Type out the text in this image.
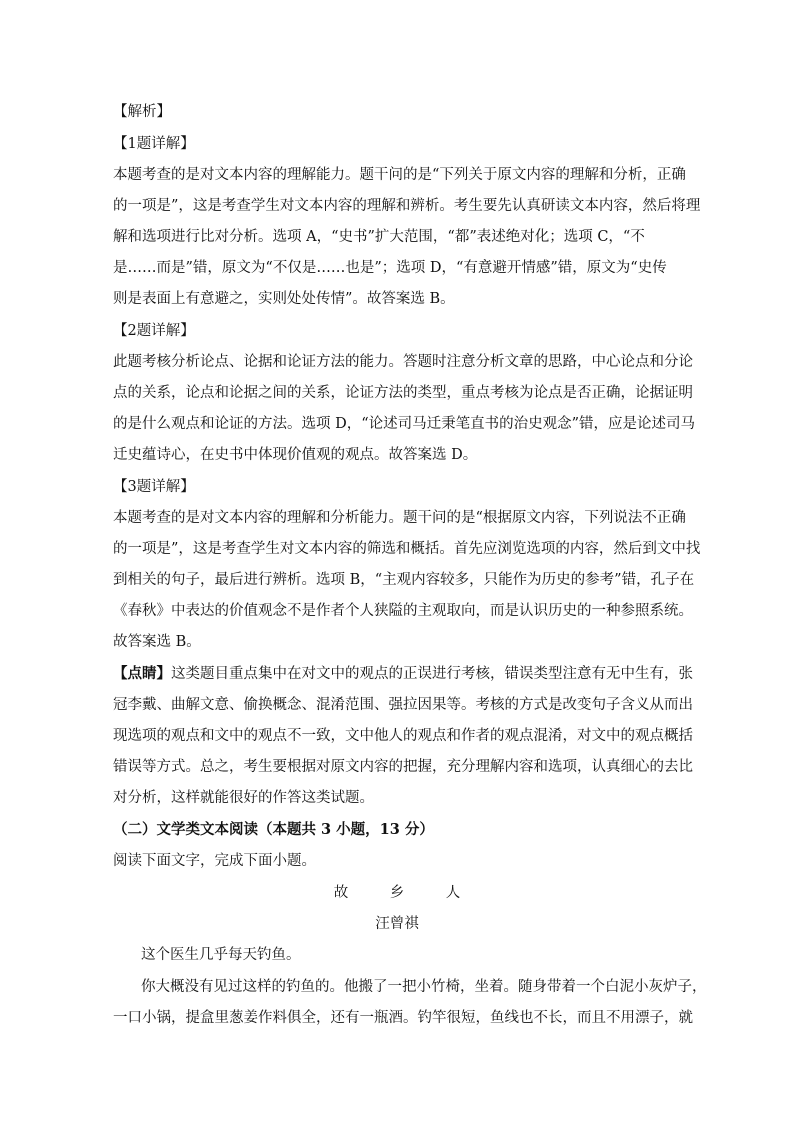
【解析】
【1题详解】
本题考查的是对文本内容的理解能力。题干问的是“下列关于原文内容的理解和分析，正确
的一项是”，这是考查学生对文本内容的理解和辨析。考生要先认真研读文本内容，然后将理
解和选项进行比对分析。选项 A，“史书”扩大范围，“都”表述绝对化；选项 C，“不
是……而是”错，原文为“不仅是……也是”；选项 D，“有意避开情感”错，原文为“史传
则是表面上有意避之，实则处处传情”。故答案选 B。
【2题详解】
此题考核分析论点、论据和论证方法的能力。答题时注意分析文章的思路，中心论点和分论
点的关系，论点和论据之间的关系，论证方法的类型，重点考核为论点是否正确，论据证明
的是什么观点和论证的方法。选项 D，“论述司马迁秉笔直书的治史观念”错，应是论述司马
迁史蕴诗心，在史书中体现价值观的观点。故答案选 D。
【3题详解】
本题考查的是对文本内容的理解和分析能力。题干问的是“根据原文内容，下列说法不正确
的一项是”，这是考查学生对文本内容的筛选和概括。首先应浏览选项的内容，然后到文中找
到相关的句子，最后进行辨析。选项 B，“主观内容较多，只能作为历史的参考”错，孔子在
《春秋》中表达的价值观念不是作者个人狭隘的主观取向，而是认识历史的一种参照系统。
故答案选 B。
【点睛】这类题目重点集中在对文中的观点的正误进行考核，错误类型注意有无中生有，张
冠李戴、曲解文意、偷换概念、混淆范围、强拉因果等。考核的方式是改变句子含义从而出
现选项的观点和文中的观点不一致，文中他人的观点和作者的观点混淆，对文中的观点概括
错误等方式。总之，考生要根据对原文内容的把握，充分理解内容和选项，认真细心的去比
对分析，这样就能很好的作答这类试题。
（二）文学类文本阅读（本题共 3 小题，13 分）
阅读下面文字，完成下面小题。
故	乡	人
汪曾祺
这个医生几乎每天钓鱼。
你大概没有见过这样的钓鱼的。他搬了一把小竹椅，坐着。随身带着一个白泥小灰炉子，
一口小锅，提盒里葱姜作料俱全，还有一瓶酒。钓竿很短，鱼线也不长，而且不用漂子，就
